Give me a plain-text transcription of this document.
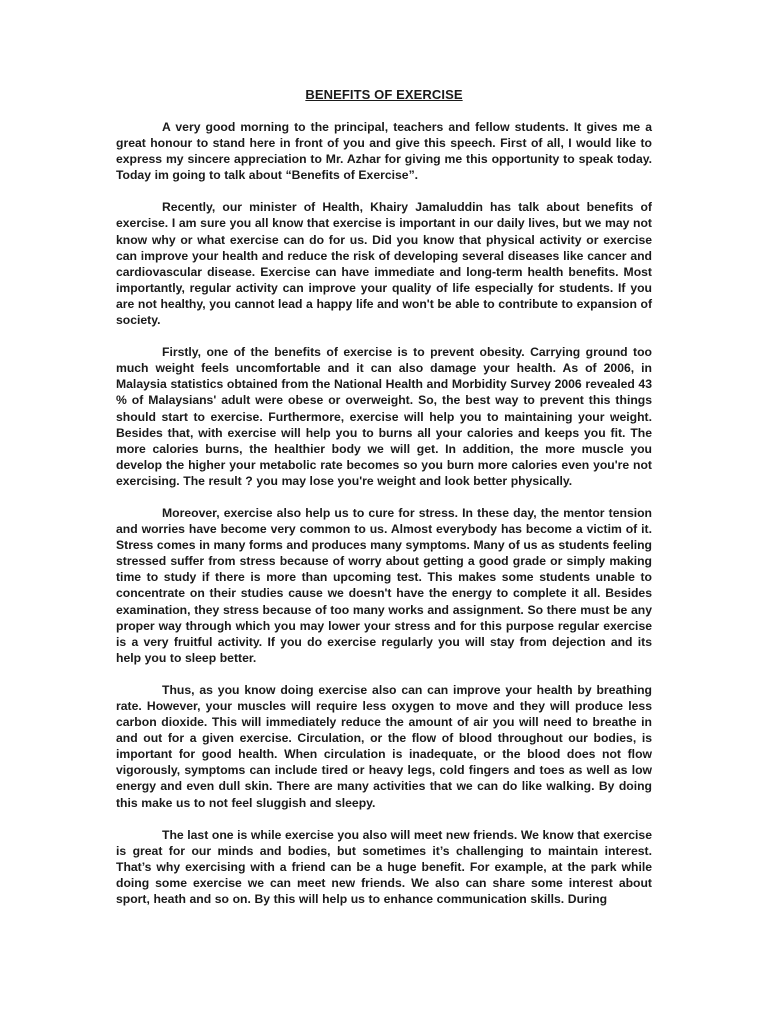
BENEFITS OF EXERCISE

A very good morning to the principal, teachers and fellow students. It gives me a great honour to stand here in front of you and give this speech. First of all, I would like to express my sincere appreciation to Mr. Azhar for giving me this opportunity to speak today. Today im going to talk about “Benefits of Exercise”.

Recently, our minister of Health, Khairy Jamaluddin has talk about benefits of exercise. I am sure you all know that exercise is important in our daily lives, but we may not know why or what exercise can do for us. Did you know that physical activity or exercise can improve your health and reduce the risk of developing several diseases like cancer and cardiovascular disease. Exercise can have immediate and long-term health benefits. Most importantly, regular activity can improve your quality of life especially for students. If you are not healthy, you cannot lead a happy life and won't be able to contribute to expansion of society.

Firstly, one of the benefits of exercise is to prevent obesity. Carrying ground too much weight feels uncomfortable and it can also damage your health. As of 2006, in Malaysia statistics obtained from the National Health and Morbidity Survey 2006 revealed 43 % of Malaysians' adult were obese or overweight. So, the best way to prevent this things should start to exercise. Furthermore, exercise will help you to maintaining your weight. Besides that, with exercise will help you to burns all your calories and keeps you fit. The more calories burns, the healthier body we will get. In addition, the more muscle you develop the higher your metabolic rate becomes so you burn more calories even you're not exercising. The result ? you may lose you're weight and look better physically.

Moreover, exercise also help us to cure for stress. In these day, the mentor tension and worries have become very common to us. Almost everybody has become a victim of it. Stress comes in many forms and produces many symptoms. Many of us as students feeling stressed suffer from stress because of worry about getting a good grade or simply making time to study if there is more than upcoming test. This makes some students unable to concentrate on their studies cause we doesn't have the energy to complete it all. Besides examination, they stress because of too many works and assignment. So there must be any proper way through which you may lower your stress and for this purpose regular exercise is a very fruitful activity. If you do exercise regularly you will stay from dejection and its help you to sleep better.

Thus, as you know doing exercise also can can improve your health by breathing rate. However, your muscles will require less oxygen to move and they will produce less carbon dioxide. This will immediately reduce the amount of air you will need to breathe in and out for a given exercise. Circulation, or the flow of blood throughout our bodies, is important for good health. When circulation is inadequate, or the blood does not flow vigorously, symptoms can include tired or heavy legs, cold fingers and toes as well as low energy and even dull skin. There are many activities that we can do like walking. By doing this make us to not feel sluggish and sleepy.

The last one is while exercise you also will meet new friends. We know that exercise is great for our minds and bodies, but sometimes it’s challenging to maintain interest. That’s why exercising with a friend can be a huge benefit. For example, at the park while doing some exercise we can meet new friends. We also can share some interest about sport, heath and so on. By this will help us to enhance communication skills. During
